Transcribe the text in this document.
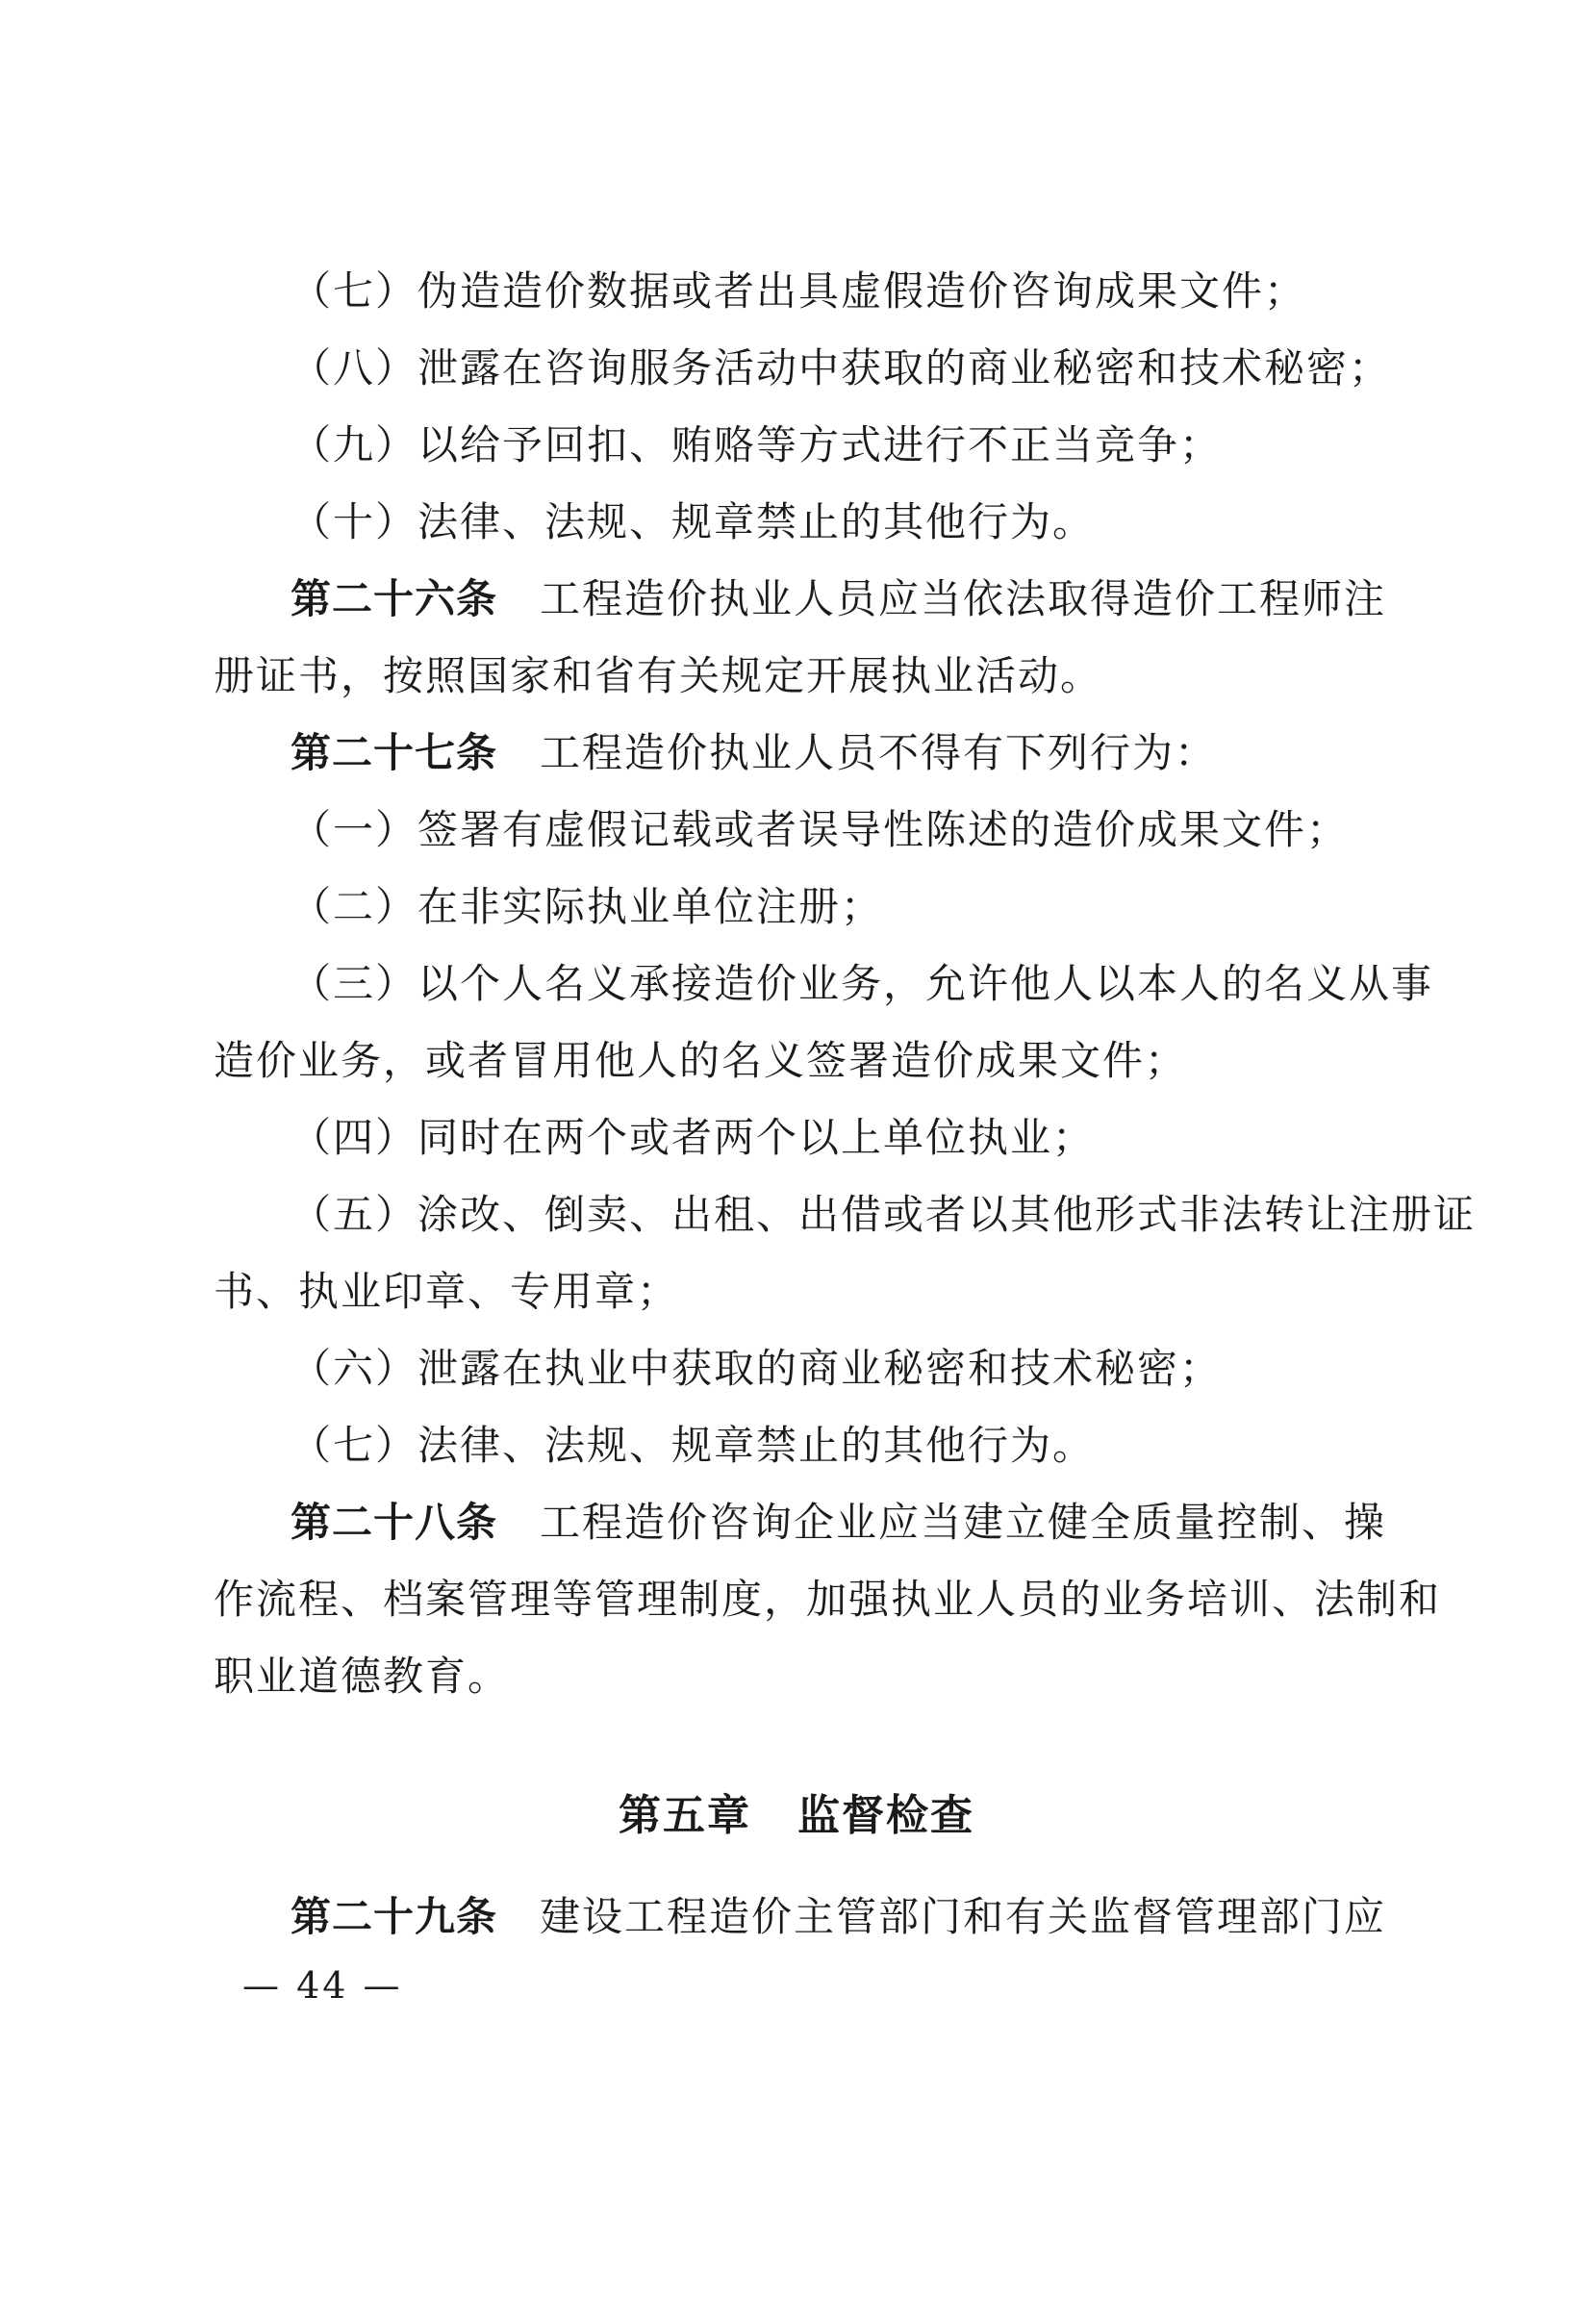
（七）伪造造价数据或者出具虚假造价咨询成果文件；
（八）泄露在咨询服务活动中获取的商业秘密和技术秘密；
（九）以给予回扣、贿赂等方式进行不正当竞争；
（十）法律、法规、规章禁止的其他行为。
第二十六条 工程造价执业人员应当依法取得造价工程师注
册证书，按照国家和省有关规定开展执业活动。
第二十七条 工程造价执业人员不得有下列行为：
（一）签署有虚假记载或者误导性陈述的造价成果文件；
（二）在非实际执业单位注册；
（三）以个人名义承接造价业务，允许他人以本人的名义从事
造价业务，或者冒用他人的名义签署造价成果文件；
（四）同时在两个或者两个以上单位执业；
（五）涂改、倒卖、出租、出借或者以其他形式非法转让注册证
书、执业印章、专用章；
（六）泄露在执业中获取的商业秘密和技术秘密；
（七）法律、法规、规章禁止的其他行为。
第二十八条 工程造价咨询企业应当建立健全质量控制、操
作流程、档案管理等管理制度，加强执业人员的业务培训、法制和
职业道德教育。
第五章 监督检查
第二十九条 建设工程造价主管部门和有关监督管理部门应
— 44 —
